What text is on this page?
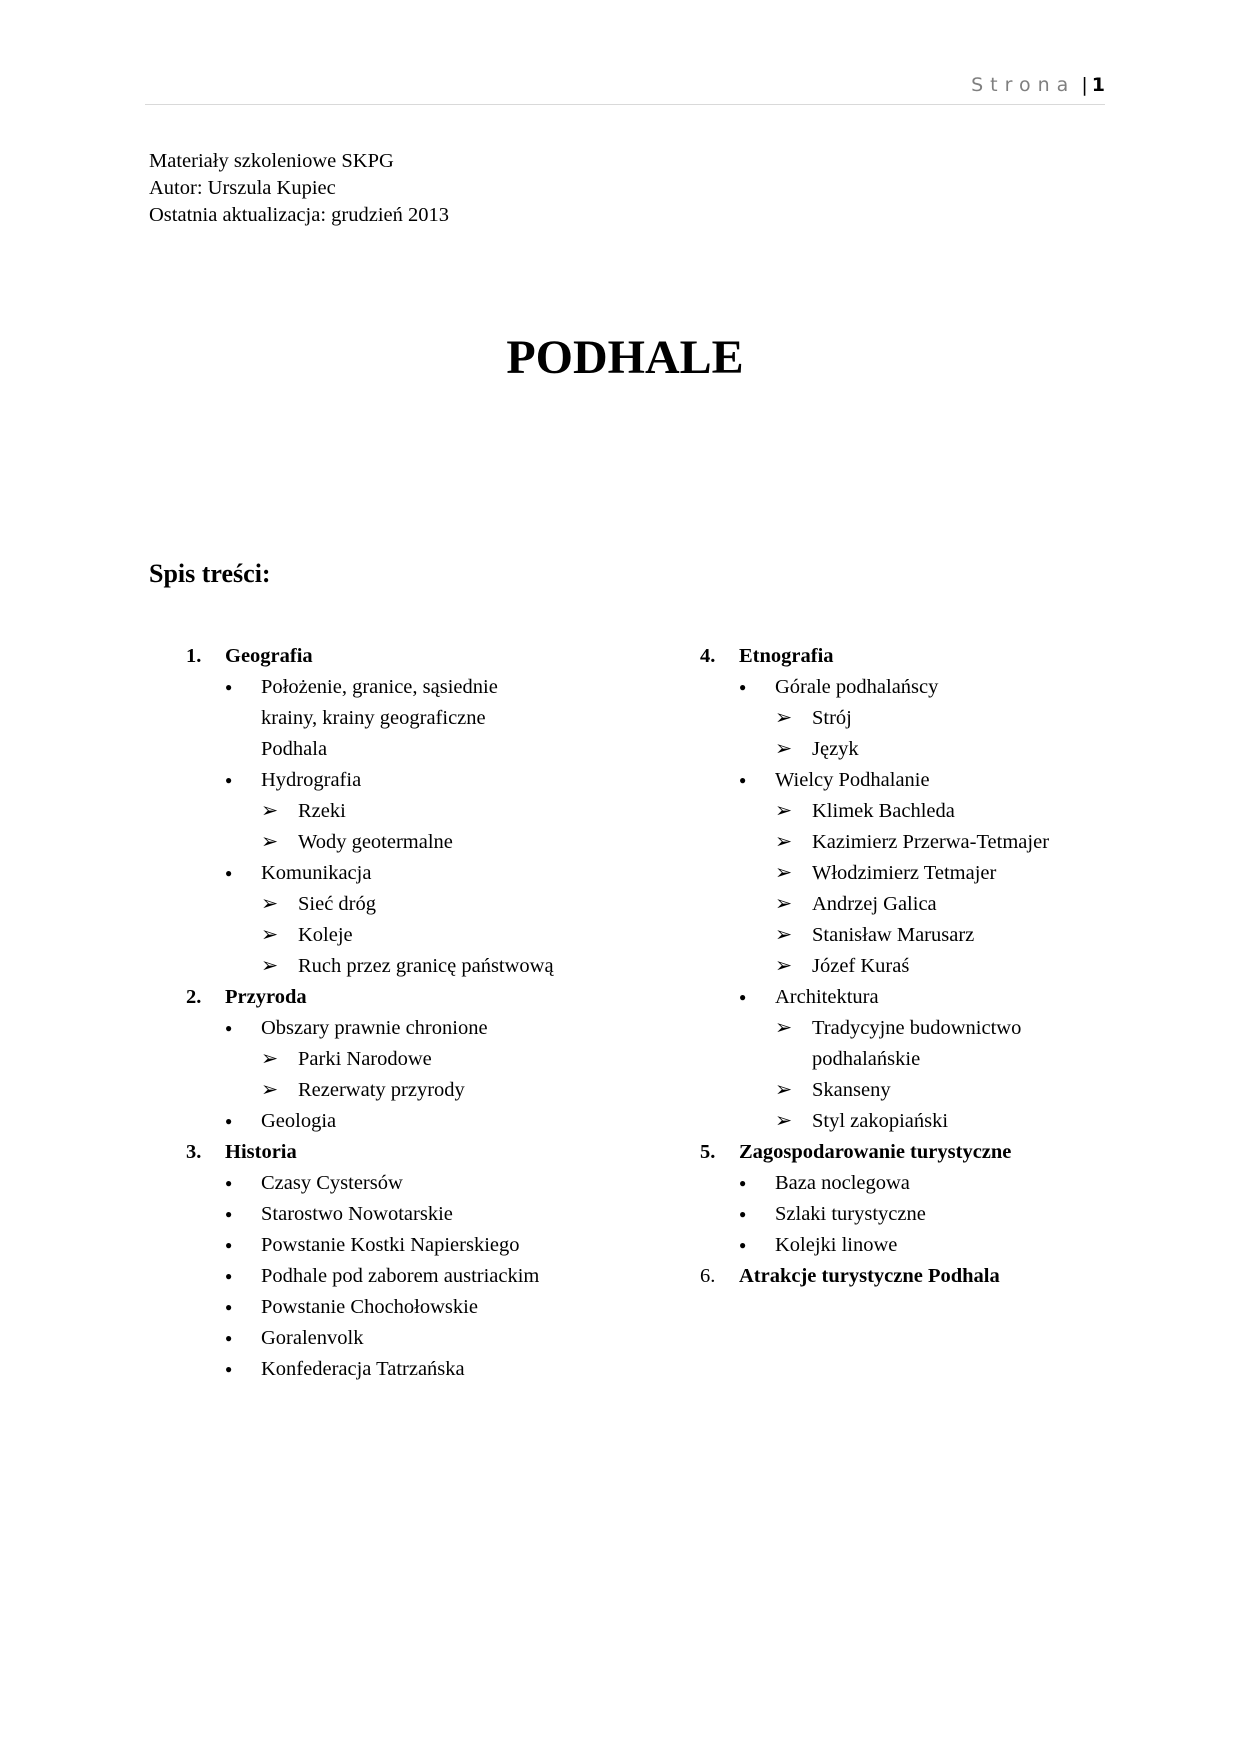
Strona | 1
Materiały szkoleniowe SKPG
Autor: Urszula Kupiec
Ostatnia aktualizacja: grudzień 2013
PODHALE
Spis treści:
1. Geografia
● Położenie, granice, sąsiednie
krainy, krainy geograficzne
Podhala
● Hydrografia
➢ Rzeki
➢ Wody geotermalne
● Komunikacja
➢ Sieć dróg
➢ Koleje
➢ Ruch przez granicę państwową
2. Przyroda
● Obszary prawnie chronione
➢ Parki Narodowe
➢ Rezerwaty przyrody
● Geologia
3. Historia
● Czasy Cystersów
● Starostwo Nowotarskie
● Powstanie Kostki Napierskiego
● Podhale pod zaborem austriackim
● Powstanie Chochołowskie
● Goralenvolk
● Konfederacja Tatrzańska
4. Etnografia
● Górale podhalańscy
➢ Strój
➢ Język
● Wielcy Podhalanie
➢ Klimek Bachleda
➢ Kazimierz Przerwa-Tetmajer
➢ Włodzimierz Tetmajer
➢ Andrzej Galica
➢ Stanisław Marusarz
➢ Józef Kuraś
● Architektura
➢ Tradycyjne budownictwo
podhalańskie
➢ Skanseny
➢ Styl zakopiański
5. Zagospodarowanie turystyczne
● Baza noclegowa
● Szlaki turystyczne
● Kolejki linowe
6. Atrakcje turystyczne Podhala
